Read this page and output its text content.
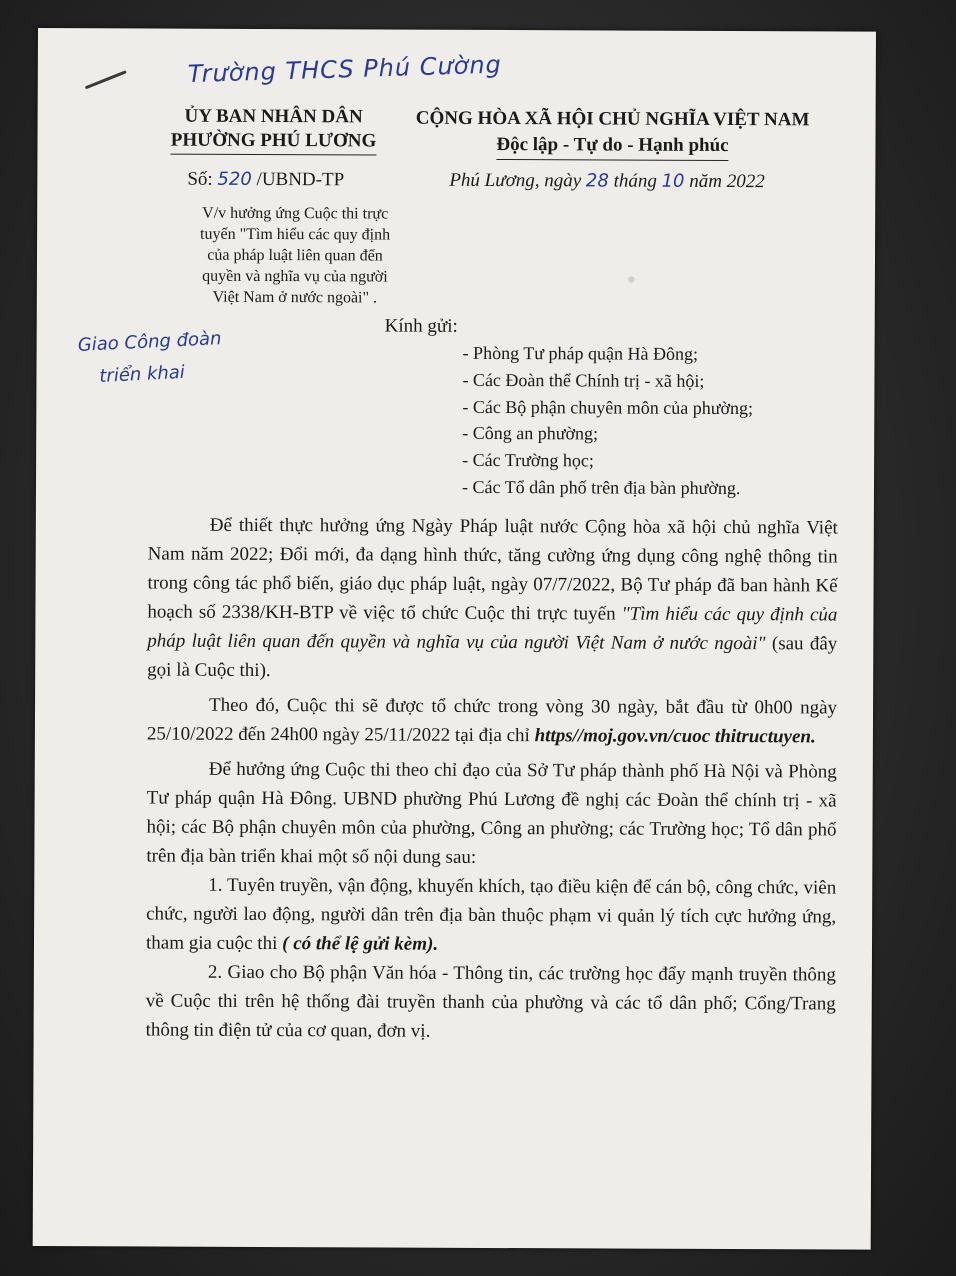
●
Trường THCS Phú Cường
ỦY BAN NHÂN DÂN
PHƯỜNG PHÚ LƯƠNG
CỘNG HÒA XÃ HỘI CHỦ NGHĨA VIỆT NAM
Độc lập - Tự do - Hạnh phúc
Số: 520 /UBND-TP	Phú Lương, ngày 28 tháng 10 năm 2022
V/v hưởng ứng Cuộc thi trực
tuyến "Tìm hiểu các quy định
của pháp luật liên quan đến
quyền và nghĩa vụ của người
Việt Nam ở nước ngoài" .
Giao Công đoàn
triển khai
Kính gửi:
- Phòng Tư pháp quận Hà Đông;
- Các Đoàn thể Chính trị - xã hội;
- Các Bộ phận chuyên môn của phường;
- Công an phường;
- Các Trường học;
- Các Tổ dân phố trên địa bàn phường.

Để thiết thực hưởng ứng Ngày Pháp luật nước Cộng hòa xã hội chủ nghĩa Việt Nam năm 2022; Đổi mới, đa dạng hình thức, tăng cường ứng dụng công nghệ thông tin trong công tác phổ biến, giáo dục pháp luật, ngày 07/7/2022, Bộ Tư pháp đã ban hành Kế hoạch số 2338/KH-BTP về việc tổ chức Cuộc thi trực tuyến "Tìm hiểu các quy định của pháp luật liên quan đến quyền và nghĩa vụ của người Việt Nam ở nước ngoài" (sau đây gọi là Cuộc thi).

Theo đó, Cuộc thi sẽ được tổ chức trong vòng 30 ngày, bắt đầu từ 0h00 ngày 25/10/2022 đến 24h00 ngày 25/11/2022 tại địa chỉ https//moj.gov.vn/cuoc thitructuyen.

Để hưởng ứng Cuộc thi theo chỉ đạo của Sở Tư pháp thành phố Hà Nội và Phòng Tư pháp quận Hà Đông. UBND phường Phú Lương đề nghị các Đoàn thể chính trị - xã hội; các Bộ phận chuyên môn của phường, Công an phường; các Trường học; Tổ dân phố trên địa bàn triển khai một số nội dung sau:

1. Tuyên truyền, vận động, khuyến khích, tạo điều kiện để cán bộ, công chức, viên chức, người lao động, người dân trên địa bàn thuộc phạm vi quản lý tích cực hưởng ứng, tham gia cuộc thi ( có thể lệ gửi kèm).

2. Giao cho Bộ phận Văn hóa - Thông tin, các trường học đẩy mạnh truyền thông về Cuộc thi trên hệ thống đài truyền thanh của phường và các tổ dân phố; Cổng/Trang thông tin điện tử của cơ quan, đơn vị.
